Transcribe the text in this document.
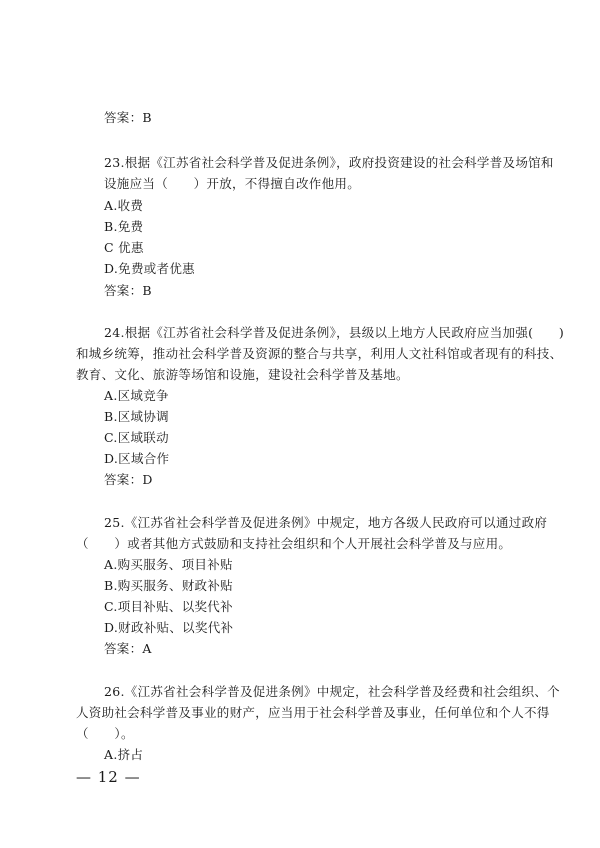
答案：B
23.根据《江苏省社会科学普及促进条例》，政府投资建设的社会科学普及场馆和
设施应当（　　）开放，不得擅自改作他用。
A.收费
B.免费
C 优惠
D.免费或者优惠
答案：B
24.根据《江苏省社会科学普及促进条例》，县级以上地方人民政府应当加强(　　)
和城乡统筹，推动社会科学普及资源的整合与共享，利用人文社科馆或者现有的科技、
教育、文化、旅游等场馆和设施，建设社会科学普及基地。
A.区域竞争
B.区域协调
C.区域联动
D.区域合作
答案：D
25.《江苏省社会科学普及促进条例》中规定，地方各级人民政府可以通过政府
（　　）或者其他方式鼓励和支持社会组织和个人开展社会科学普及与应用。
A.购买服务、项目补贴
B.购买服务、财政补贴
C.项目补贴、以奖代补
D.财政补贴、以奖代补
答案：A
26.《江苏省社会科学普及促进条例》中规定，社会科学普及经费和社会组织、个
人资助社会科学普及事业的财产，应当用于社会科学普及事业，任何单位和个人不得
（　　）。
A.挤占
— 12 —
